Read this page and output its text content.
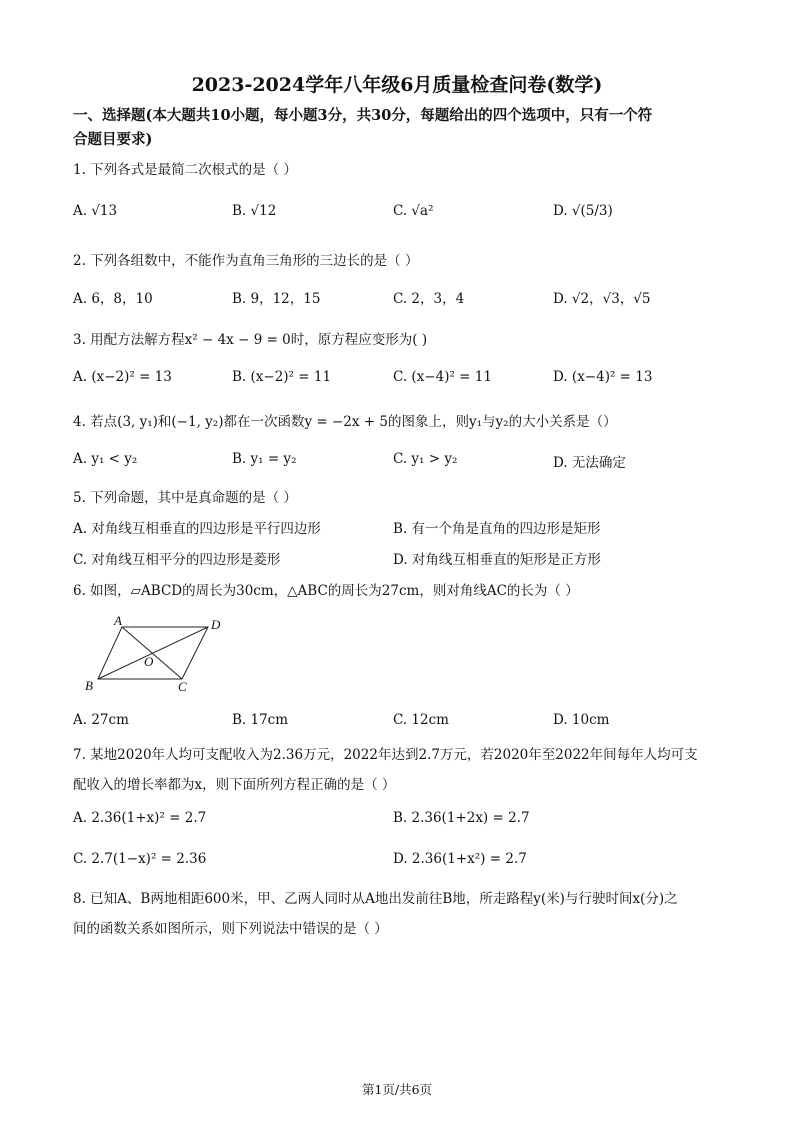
2023-2024学年八年级6月质量检查问卷(数学)
一、选择题(本大题共10小题，每小题3分，共30分，每题给出的四个选项中，只有一个符
合题目要求)
1. 下列各式是最简二次根式的是（ ）
A. √13	B. √12	C. √a²	D. √(5/3)
2. 下列各组数中，不能作为直角三角形的三边长的是（ ）
A. 6，8，10	B. 9，12，15	C. 2，3，4	D. √2，√3，√5
3. 用配方法解方程x² − 4x − 9 = 0时，原方程应变形为( )
A. (x−2)² = 13	B. (x−2)² = 11	C. (x−4)² = 11	D. (x−4)² = 13
4. 若点(3, y₁)和(−1, y₂)都在一次函数y = −2x + 5的图象上，则y₁与y₂的大小关系是（）
A. y₁ < y₂	B. y₁ = y₂	C. y₁ > y₂	D. 无法确定
5. 下列命题，其中是真命题的是（ ）
A. 对角线互相垂直的四边形是平行四边形	B. 有一个角是直角的四边形是矩形
C. 对角线互相平分的四边形是菱形	D. 对角线互相垂直的矩形是正方形
6. 如图，▱ABCD的周长为30cm，△ABC的周长为27cm，则对角线AC的长为（ ）
A	D
O
B	C
A. 27cm	B. 17cm	C. 12cm	D. 10cm
7. 某地2020年人均可支配收入为2.36万元，2022年达到2.7万元，若2020年至2022年间每年人均可支
配收入的增长率都为x，则下面所列方程正确的是（ ）
A. 2.36(1+x)² = 2.7	B. 2.36(1+2x) = 2.7
C. 2.7(1−x)² = 2.36	D. 2.36(1+x²) = 2.7
8. 已知A、B两地相距600米，甲、乙两人同时从A地出发前往B地，所走路程y(米)与行驶时间x(分)之
间的函数关系如图所示，则下列说法中错误的是（ ）
第1页/共6页
